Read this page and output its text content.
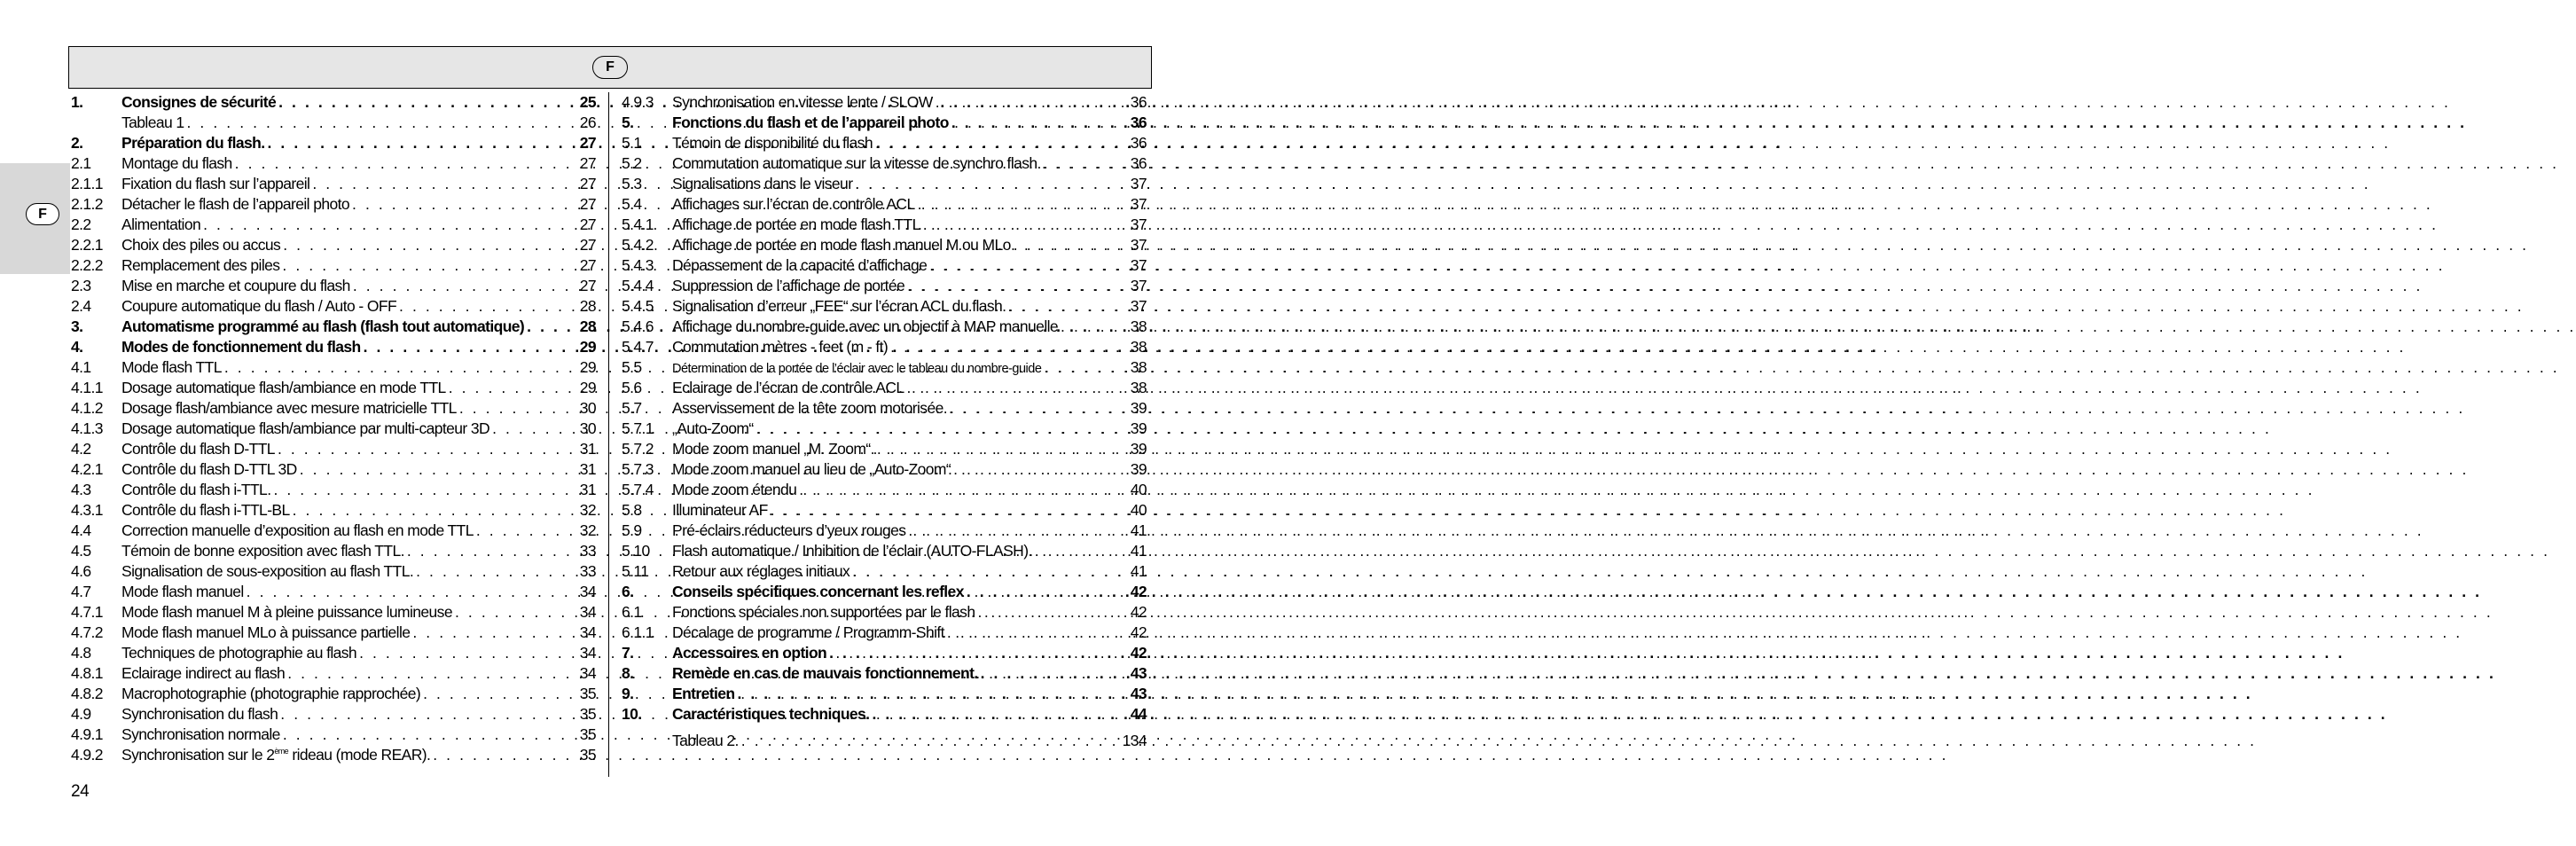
F
F
1.	Consignes de sécurité . . .	25
Tableau 1 . . .	26
2.	Préparation du flash. . . .	27
2.1	Montage du flash . . .	27
2.1.1	Fixation du flash sur l’appareil . . .	27
2.1.2	Détacher le flash de l’appareil photo . . .	27
2.2	Alimentation . . .	27
2.2.1	Choix des piles ou accus . . .	27
2.2.2	Remplacement des piles . . .	27
2.3	Mise en marche et coupure du flash . . .	27
2.4	Coupure automatique du flash / Auto - OFF . . .	28
3.	Automatisme programmé au flash (flash tout automatique) . . .	28
4.	Modes de fonctionnement du flash . . .	29
4.1	Mode flash TTL . . .	29
4.1.1	Dosage automatique flash/ambiance en mode TTL . . .	29
4.1.2	Dosage flash/ambiance avec mesure matricielle TTL . . .	30
4.1.3	Dosage automatique flash/ambiance par multi-capteur 3D . . .	30
4.2	Contrôle du flash D-TTL . . .	31
4.2.1	Contrôle du flash D-TTL 3D . . .	31
4.3	Contrôle du flash i-TTL. . . .	31
4.3.1	Contrôle du flash i-TTL-BL . . .	32
4.4	Correction manuelle d’exposition au flash en mode TTL . . .	32
4.5	Témoin de bonne exposition avec flash TTL. . . .	33
4.6	Signalisation de sous-exposition au flash TTL. . . .	33
4.7	Mode flash manuel . . .	34
4.7.1	Mode flash manuel M à pleine puissance lumineuse . . .	34
4.7.2	Mode flash manuel MLo à puissance partielle . . .	34
4.8	Techniques de photographie au flash . . .	34
4.8.1	Eclairage indirect au flash . . .	34
4.8.2	Macrophotographie (photographie rapprochée) . . .	35
4.9	Synchronisation du flash . . .	35
4.9.1	Synchronisation normale . . .	35
4.9.2	Synchronisation sur le 2ème rideau (mode REAR). . . .	35
4.9.3	Synchronisation en vitesse lente / SLOW . . .	36
5.	Fonctions du flash et de l’appareil photo . . .	36
5.1	Témoin de disponibilité du flash . . .	36
5.2	Commutation automatique sur la vitesse de synchro flash. . . .	36
5.3	Signalisations dans le viseur . . .	37
5.4	Affichages sur l’écran de contrôle ACL . . .	37
5.4.1	Affichage de portée en mode flash TTL . . .	37
5.4.2	Affichage de portée en mode flash manuel M ou MLo . . .	37
5.4.3	Dépassement de la capacité d’affichage . . .	37
5.4.4	Suppression de l’affichage de portée . . .	37
5.4.5	Signalisation d’erreur „FEE“ sur l’écran ACL du flash. . . .	37
5.4.6	Affichage du nombre-guide avec un objectif à MAP manuelle . . .	38
5.4.7	Commutation mètres - feet (m - ft) . . .	38
5.5	Détermination de la portée de l’éclair avec le tableau du nombre-guide . . .	38
5.6	Eclairage de l’écran de contrôle ACL . . .	38
5.7	Asservissement de la tête zoom motorisée. . . .	39
5.7.1	„Auto-Zoom“ . . .	39
5.7.2	Mode zoom manuel „M. Zoom“. . . .	39
5.7.3	Mode zoom manuel au lieu de „Auto-Zoom“ . . .	39
5.7.4	Mode zoom étendu . . .	40
5.8	Illuminateur AF . . .	40
5.9	Pré-éclairs réducteurs d’yeux rouges . . .	41
5.10	Flash automatique / Inhibition de l’éclair (AUTO-FLASH). . . .	41
5.11	Retour aux réglages initiaux . . .	41
6.	Conseils spécifiques concernant les reflex . . .	42
6.1	Fonctions spéciales non supportées par le flash . . .	42
6.1.1	Décalage de programme / Programm-Shift . . .	42
7.	Accessoires en option . . .	42
8.	Remède en cas de mauvais fonctionnement. . . .	43
9.	Entretien . . .	43
10.	Caractéristiques techniques. . . .	44
Tableau 2. . . .	134
24
